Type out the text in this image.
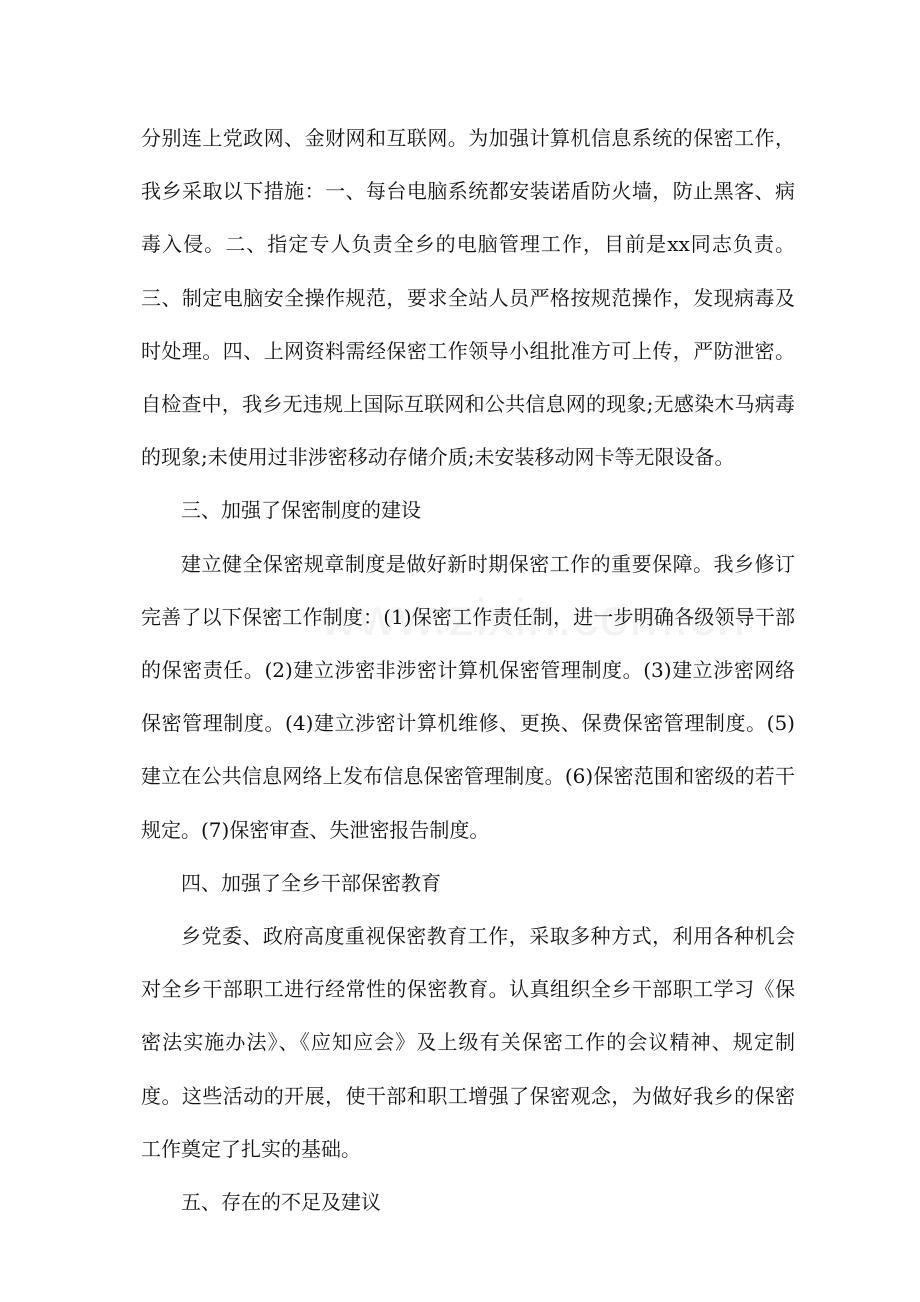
分别连上党政网、金财网和互联网。为加强计算机信息系统的保密工作，我乡采取以下措施：一、每台电脑系统都安装诺盾防火墙，防止黑客、病毒入侵。二、指定专人负责全乡的电脑管理工作，目前是xx同志负责。三、制定电脑安全操作规范，要求全站人员严格按规范操作，发现病毒及时处理。四、上网资料需经保密工作领导小组批准方可上传，严防泄密。自检查中，我乡无违规上国际互联网和公共信息网的现象;无感染木马病毒的现象;未使用过非涉密移动存储介质;未安装移动网卡等无限设备。

三、加强了保密制度的建设

建立健全保密规章制度是做好新时期保密工作的重要保障。我乡修订完善了以下保密工作制度：(1)保密工作责任制，进一步明确各级领导干部的保密责任。(2)建立涉密非涉密计算机保密管理制度。(3)建立涉密网络保密管理制度。(4)建立涉密计算机维修、更换、保费保密管理制度。(5)建立在公共信息网络上发布信息保密管理制度。(6)保密范围和密级的若干规定。(7)保密审查、失泄密报告制度。

四、加强了全乡干部保密教育

乡党委、政府高度重视保密教育工作，采取多种方式，利用各种机会对全乡干部职工进行经常性的保密教育。认真组织全乡干部职工学习《保密法实施办法》、《应知应会》及上级有关保密工作的会议精神、规定制度。这些活动的开展，使干部和职工增强了保密观念，为做好我乡的保密工作奠定了扎实的基础。

五、存在的不足及建议
